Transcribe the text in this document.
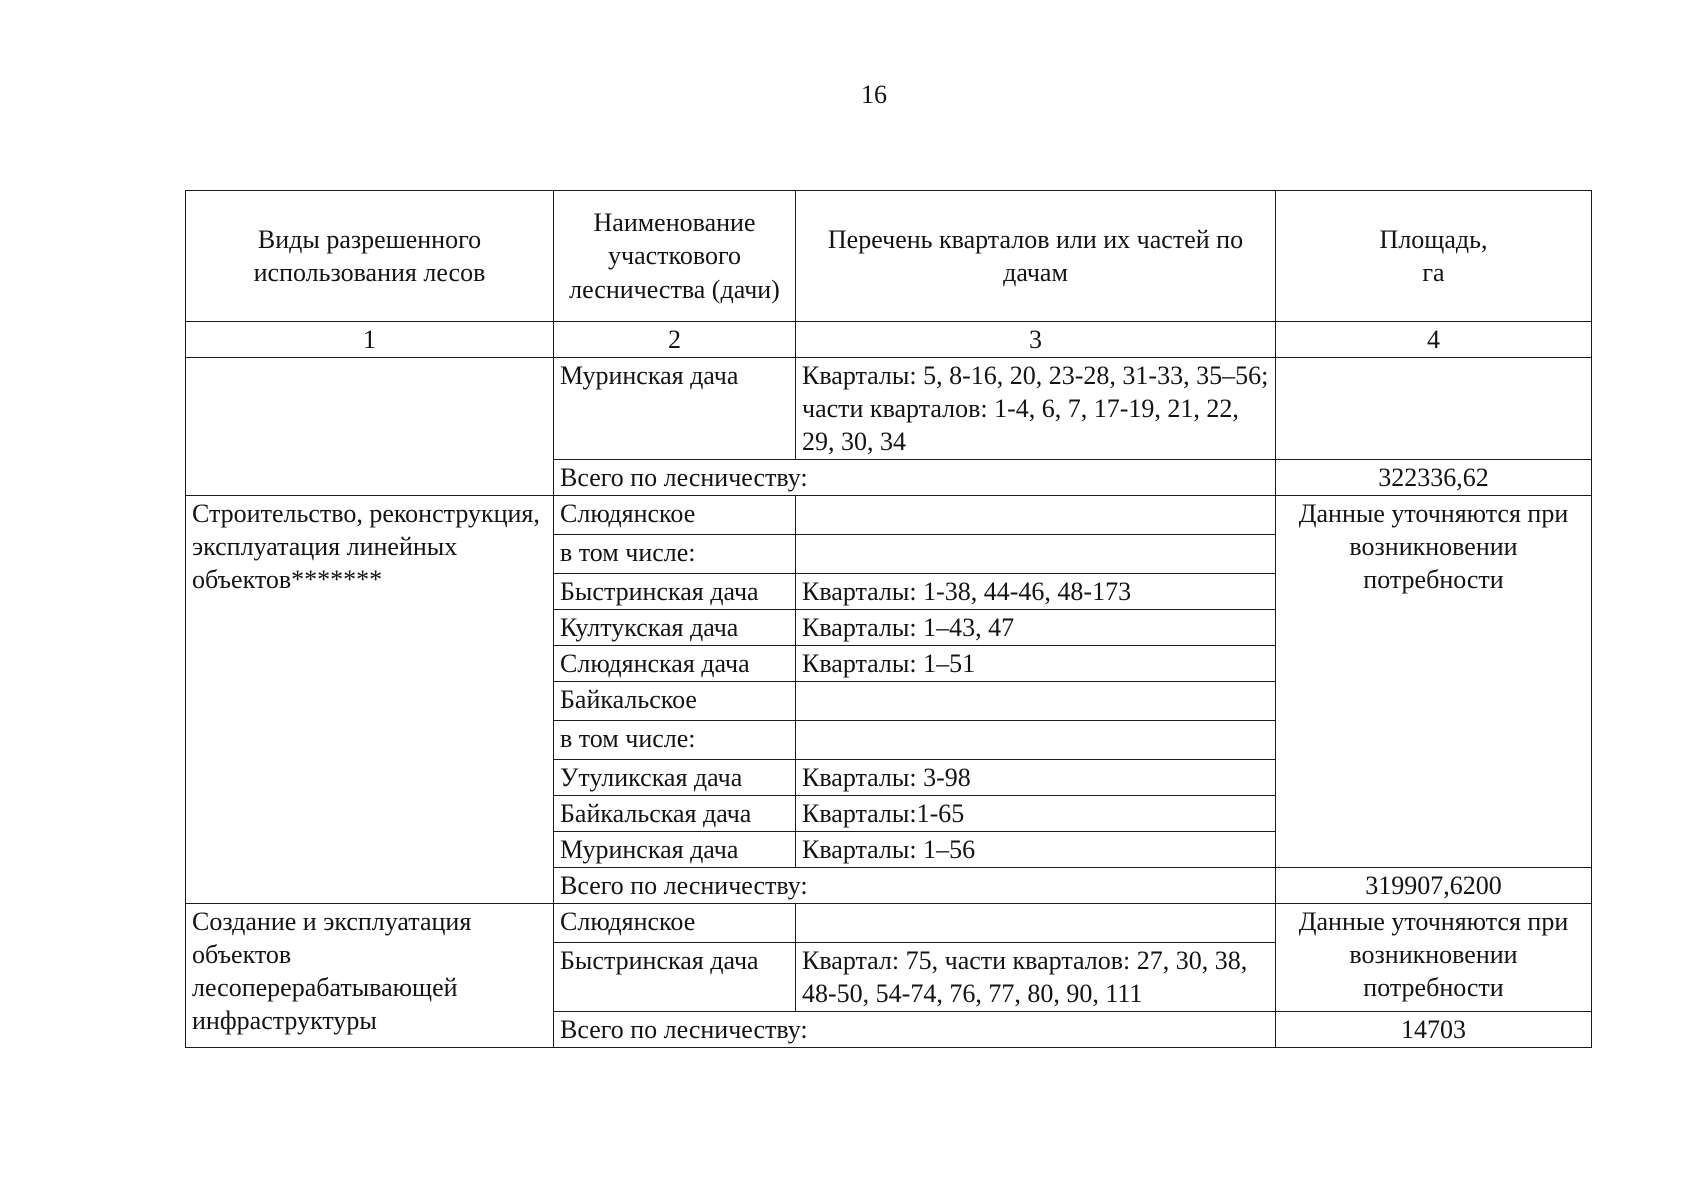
16
Виды разрешенного использования лесов	Наименование участкового лесничества (дачи)	Перечень кварталов или их частей по дачам	Площадь, га
1	2	3	4
	Муринская дача	Кварталы: 5, 8-16, 20, 23-28, 31-33, 35–56;
части кварталов: 1-4, 6, 7, 17-19, 21, 22, 29, 30, 34	

	Всего по лесничеству:		322336,62
Строительство, реконструкция, эксплуатация линейных объектов*******	Слюдянское		Данные уточняются при возникновении потребности
	в том числе:		
	Быстринская дача	Кварталы: 1-38, 44-46, 48-173	
	Култукская дача	Кварталы: 1–43, 47	
	Слюдянская дача	Кварталы: 1–51	
	Байкальское		
	в том числе:		
	Утуликская дача	Кварталы: 3-98	
	Байкальская дача	Кварталы:1-65	
	Муринская дача	Кварталы: 1–56	
	Всего по лесничеству:		319907,6200
Создание и эксплуатация объектов лесоперерабатывающей инфраструктуры	Слюдянское		Данные уточняются при возникновении потребности
	Быстринская дача	Квартал: 75, части кварталов: 27, 30, 38, 48-50, 54-74, 76, 77, 80, 90, 111	
	Всего по лесничеству:		14703
